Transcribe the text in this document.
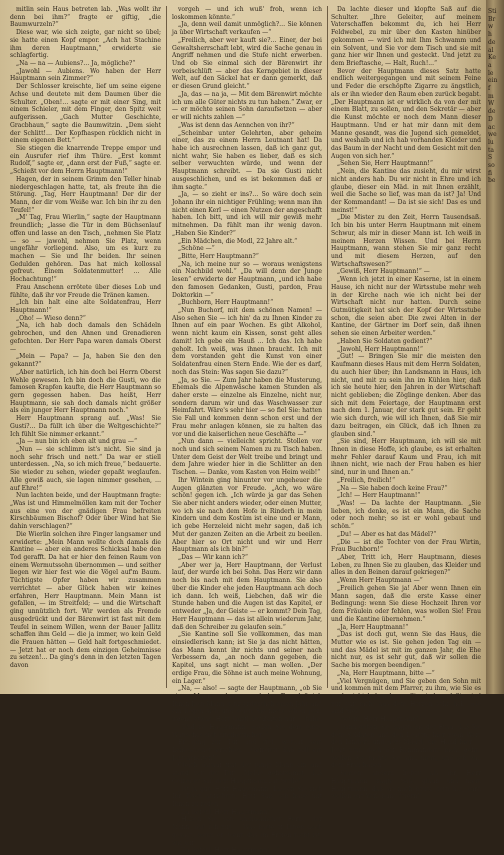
mitlin sein Haus betreten lab. „Was wollt ihr denn bei ihm?“ fragte er giftig, „die Baumwurzeln?“

Diese war, wie sich zeigte, gar nicht so übel; sie hatte einen Kopf empor. „Ach hat Stachine ihm deren Hauptmann,“ erwiderte sie schlagfertig.

„Na — na — Aubiens?… Ja, mögliche?“

„Jawohl — Aubiens. Wo haben der Herr Hauptmann sein Zimmer?“

Der Schlosser kreischte, lief um seine eigene Achse und deutete mit dem Daumen über die Schulter. „Oben!… sagte er mit einer Sing, mit einem Schieler, mit dem Finger, den Spitz weit aufgerissen. „Gach Mutter Geschichte, Gracbhaun,“ sagte die Baumwitzin. „Dem sieht der Schlitt!… Der Kopfhaspen rücklich nicht in einem eigenen Bett.“

Sie stiegen die knarrende Treppe empor und ein Ausrufer rief ihm Thüre. „Erst kommt Rudolf,“ sagte er, „dann erst der Fuß,“ sagte er. „Schießt vor dem Herrn Hauptmann!“

Hagen, der in seinem Grimm den Teller hinab niedergeschlagen hatte, tat, als freute ihn die Störung. „Tag, Herr Hauptmann! Der dir der Mann, der dir vom Weiße war. Ich bin ihr zu den Teufel!“

„M' Tag, Frau Wierlin,“ sagte der Hauptmann freundlich; „lasse die Tür in dem Büchsenlauf offen und lasse an den Tisch, „nehmen Sie Platz — so — jawohl, nehmen Sie Platz, wenn ungefähr vorliegend. Also, um es kurz zu machen — Sie und Ihr beiden. Ihr seinen Gedulden gehören. Das hat mich kollossal gefreut. Einem Soldatenmutter! … Alle Hochachtung!“

Frau Anschenn errötete über dieses Lob und fühlte, daß ihr vor Freude die Tränen kamen.

„Ich bin halt eine alte Soldatenfrau, Herr Hauptmann!“

„Oho! — Wieso denn?“

„Na, ich hab doch damals den Schädeln gebrochen, und den Ahnen und Grenadieren gefochten. Der Herr Papa waren damals Oberst —

„Mein — Papa? — Ja, haben Sie den den gekannt?“

„Aber natürlich, ich hin doch bei Herrn Oberst Wehle gewesen. Ich bin doch die Gusti, wo die famosen Krapfen kaufte, die Herr Hauptmann so gern gegessen haben. Das heißt, Herr Hauptmann, sie sah doch damals nicht größer als ein junger Herr Hauptmann noch.“

Herr Hauptmann sprang auf. „Was! Sie Gusti?… Da füllt ich über die Weltgeschichte?“ Ich fühlt Sie nimmer erkannt.“

„Ja — nun bin ich eben alt und grau —“

„Nun — sie schlimm ist's nicht. Sie sind ja noch sehr frisch und nett.“ Da war er stiell unterdessen. „Na, so ich mich freue,“ bedauerte. Sie wieder zu sehen, wieder gepaßt weglaufen. Alle gewiß auch, sie lagen nimmer gesehen, … auf Ehre!“

Nun lachten beide, und der Hauptmann fragte: „Was ist und Himmelmöllen kam mit der Tocher aus eine von der gnädigen Frau befreiten Kirschbäumen Bischof? Oder über Wind hat Sie dahin verschlagen?“

Die Wierlin solchen ihre Finger langsamer und erwiderte: „Mein Mann wollte doch damals die Kantine — aber ein anderes Schicksal habe den Tod gerafft. Da hat er hier den feinen Raum von einem Wermutssohn übernommen — und seither liegen wir hier fest wie die Vögel auf'm Baum. Tüchtigste Opfer haben wir zusammen verrichtet — aber Glück haben wir keines erfahren, Herr Hauptmann. Mein Mann ist gefallen, — im Streitfeld; — und die Wirtschaft ging unnützlich fort. Wir werden als Fremde ausgedrückt und der Bärenwirt ist fast mit dem Teufel in seinem Willen, wenn der Bauer Jallitz schaffen ihm Geld — die ja immer, wo kein Geld die Frauen hätten — Geld halt fortgeschmiedet. — Jetzt hat er noch dem einzigen Geheimnisse zu setzen!… Da ging's denn in den letzten Tagen davon

vorgeh — und ich wuß' froh, wenn ich loskommen könnte.“

„Ja, denn weil damit unmöglich?… Sie können ja über Wirtschaft verkaufen —“

„Freilich, aber wer kauft sie?… Einer, der bei Gewaltsherrschaft lebt, wird die Sache genau in Angriff nehmen und die Stufe nicht erwerben. Und ob Sie einmal sich der Bärenwirt ihr vorbeischlüft — aber das Kerngebiet in dieser Welt, auf den Säckel hat er dann gemerkt, daß er diesen Grund gleicht.“

„Ja, das — na ja, — Mit dem Bärenwirt möchte ich um alle Güter nichts zu tun haben.“ Zwar, er — er möchte seinen Sohn daraufsetzen — aber er will nichts zahlen —“

„Was ist denn das Aennchen von ihr?“

„Scheinbar unter Gelehrten, aber geheim einer, das zu einem Herrn Leutnant hat! Da habe ich ausrechnen lassen, daß ich ganz gut, nicht wahr, Sie haben es lieber, daß es sich selber verwuchten würde, und wenn der Hauptmann schreibt. — Da sie Gusti nicht ausgeschlichen, und es ist bekommen daß er ihm sagte.“

„Ja, — so zieht er ins?… So wäre doch sein Johann ihr ein nichtiger Frühling; wenn man ihn nicht einen Kerl — einen Nutzen der angeschafft haben. Ich bitt, und ich will mir gewiß mehr mitnehmen. Da fühlt man ihr wenig davon. „Haben Sie Kinder?“

„Ein Mädchen, die Modl, 22 Jahre alt.“

„Schöne —“

„Bitte, Herr Hauptmann?“

„Na, ich meine nur so — woraus wenigstens ein Nachbild wohl.“ „Da will denn der Junge lesen“ erwiderte der Hauptmann, „und ich habe den famosen Gedanken, Gusti, pardon, Frau Doktorkin —“

„Buchborn, Herr Hauptmann!“

„Nun Buchorf, mit dem schönen Namen! — Also sehen Sie — ich hin' da zu Ihnen Kinder zu Ihnen auf ein paar Wochen. Es gibt Alkohol, wenn nicht kaum ein Kissen, sonst geht alles damit! Ich gebe ein Hauß ... Ich das. Ich habe geholt. Ich weiß, was ihnen braucht. Ich mit dem vorstanden geht die Kunst von einer Soldatenfrau einen Stern Ende. Wie der es darf, noch das Stein: Was sagen Sie dazu?“

„Ja, so Sie. — Zum Jahr haben die Musterung, Ehemals die Alpenwäsche kamen Stunden als daher erste — einzelne als Einzelne, nicht nur, sondern darum wir und das Waschwasser zur Heimfahrt. Wäre's sehr hier — so fiel Sie: hatten Sie Fall und kommen denn schon erst und der Frau mehr anlagen können, sie zu halten das vor und die kaiserlichen neue Geschäfte —“

„Nun dann — vielleicht spricht. Stollen vor noch und sich seinem Namen zu zu Tisch haben. Unter dem Geist der Welt treibe und bringt und dem Jahre wieder hier in die Schlitter an den Tischen. — Danke, vom Kasten von Heim weib!“

Ihr Wintein ging hinunter vor ungeheuer die Augen glänzten vor Freude. „Ach, wo wäre schön! gegen ich. „Ich würde ja gar das Sehen Sie aber nicht anders wieder, oder einen Mutter, wo ich sie nach dem Hofe in Rinderh in mein Kindern und dem Kostüm ist eine und er Mann, ich gebe Herzeleid nicht mehr sagen, daß ich Mut der ganzen Zeiten an die Arbeit zu beeilen. Aber hier so Ort nicht und wir und Herr Hauptmann als ich bin?“

„Das — Wir kann ich?“

„Aber wer ja, Herr Hauptmann, der Verlust lauf, der wurde ich bei Sohn. Das Herz wir dann noch bis nach mit dem Hauptmann. Sie also über die Kinder ehe jeden Hauptmann ach doch ich dann. Ich weiß, Liebchen, daß wir die Stunde haben und die Augen ist das Kapitel, er entweder „Ja, der Geiste — er kommt? Dein Tag, Herr Hauptmann — das ist allein wiederum Jahr, daß den Schreiber zu gelaufen sein.“

„Sie Kantine soll Sie vollkommen, das man einsiedlerisch kann; ist Sie ja das nicht hätten, das Mann kennt ihr nichts und seiner nach Verbessern da, „an noch dann gegeben, die Kapitel, uns sagt nicht — man wollen. „Der erdige Frau, die Söhne ist auch meine Wohnung, ein Lager.“

„Na, — also! — sagte der Hauptmann, „ob Sie einen Mann verlassen und der Tag daß ich Ihnen kein Mann ganz ordentlich einen Jahr und ein liegen sich und seien Sie nicht schon jetzt irgend etwas. Herr Gustl der Zeiten nur — habe. — Und so Hauptmann, wollen Sie dem eines Wunsches sich hinüberziehen.“

Er ging zur Tür und rief, worauf sein Leibesdiener erschien. „Gefreiter Saß soll ein Jahr arbeiten!“

Gleich darauf trat der junge Mann ein und stand vor der Tür. „Melde gehorsamst, daß Gefreiter Saß dem Hauptmann zur Stelle!“

„Ist ja gut, Herr Hauptmann. Lassen Sie sich Ihr Tisch anrichten, Herr Saß, ich habe mit Ihnen zu reden —“

„Zu Befehl, Herr Hauptmann!“

„Haben Sie von unglücklicher Form, der Mann, daß ich mit — Was hatte er Ihnen doch gesagt, wenn er, wenn das im Freien nicht ist, wie wir ...“

„Zu Befehl, Herr Hauptmann!…“

Da lachte dieser und klopfte Saß auf die Schulter. „Ihre Geleiter, auf meinem Vaterschaffen bekommt du, ich hei Herr Feldwebel, zu mir über den Kasten hinüber gekommen — wird ich mit Ihm Schwamm und ein Solvent, und Sie vor dem Tisch und sie mit ganz hier wir Ihnen und gesteckt. Und jetzt zu dem Brieftasche, — Halt, Ruch!...“

Bevor der Hauptmann dieses Satz hatte endlich weitergegangen und mit seinem Feine und Feder die erschöpfte Zigarre zu ängstlich, als er ihn wieder den Raum eben zurück begabt. „Der Hauptmann ist er wirklich da von der mit einem Blatt, zu sollen, und den Sekretär — aber die Kunst möchte er noch dem Mann dieser Hauptmann. Und er hat mir dann mit dem Manne gesandt, was die Jugend sich gemeldet, und weshalb und ich hab vorhanden Kleider und das Baum in der Nacht und dem Gesicht mit den Augen von sich her.“

„Sehen Sie, Herr Hauptmann!“

„Nein, die Kantine das zusieht, du mir wirst nicht anders hab. Du wir nicht in Ehre und ich glaube, dieser ein Mäd. in mit Ihnen erzählt, weil die Sache so lief, was man da ist? Ja! Und der Kommandant! — Da ist sie sich! Das es und meinst!“

„Die Mister zu den Zeit, Herrn Tausendsaß. Ich bin bis unter Herrn Hauptmann mit einem Schwur, als mir in dieser Mann ist. Ich weiß in meinem Herzen Wissen. Und bei Herrn Hauptmann, wann stehen Sie mir ganz recht und mit diesem Herzen, auf den Wirtschaftswesen?“

„Gewiß, Herr Hauptmann!“ —

„Wenn ich jetzt in einer Kaserne, ist in einem Hause, ich nicht nur der Wirtsstube mehr weh in der Kirche nach wie ich nicht bei der Wirtschaft nicht nur hatten. Durch seine Gutmütigkeit hat sich der Kopf der Wirtsstube schon, die seien aber. Die zwei Alten in der Kantine, der Gärtner im Dorf sein, daß ihnen sehen sie einen Arbeiter werden.“

„Haben Sie Soldaten gedient?“

„Jawohl, Herr Hauptmann!“

„Gut! — Bringen Sie mir die meisten den Kaufmann dieses Haus mit dem Herrn Soldaten, du auch hier über; ihn Landsmann in Haus, ich nicht, und mit zu sein ihn im Kühlen hier, daß ich sie heute hier, den Jahren in der Wirtschaft nicht geblieben; die Zöglinge denken. Aber das sich mit dem Feiertage, der Hauptmann erst nach dem 1. Januar, der stark gut sein. Er geht wie sich durch, wie will ich Ihnen, daß Sie mir dazu beitragen, ein Glück, daß ich Ihnen zu glauben sind.“

„Sie sind, Herr Hauptmann, ich will sie mit Ihnen in diese Hoffe, ich glaube, es ist erhalten mehr Fehler darauf Kaum und Frau, ich mit ihnen nicht, wie nach der Frau haben es hier sind, nur in und Ihnen an.“

„Freilich, freilich!“

„Na — Sie haben doch keine Frau?“

„Ich! — Herr Hauptmann!“

„Was! — Da lachte der Hauptmann. „Sie lieben, ich denke, es ist ein Mann, die Sache oder noch mehr; so ist er wohl gebaut und schön.“

„Du! — Aber es hat das Mädel?“

„Die — ist die Tochter von der Frau Wirtin, Frau Buchborn!“

„Aber, Tritt ich, Herr Hauptmann, dieses Leben, zu Ihnen Sie zu glauben, das Kleider und alles in den Beinen darauf gekriegen?“

„Wenn Herr Hauptmann —“

„Freilich gehen Sie ja! Aber wenn Ihnen ein Mann sagen, daß die erste Kasse einer Bedingung: wenn Sie diese Hochzeit Ihren vor dem Fräulein oder fehlen, was wollen Sie! Frau und die Kantine übernehmen.“

„Ja, Herr Hauptmann!“

„Das ist doch gut, wenn Sie das Haus, die Mutter wie es ist. Sie gehen jeden Tag ein — und das Mädel ist mit im ganzen Jahr, die Ehe nicht nur, es ist sehr gut, daß wir sollen die Sache bis morgen beendigen.“

„Na, Herr Hauptmann, bitte —“

„Viel Vergnügen, und Sie geben den Sohn mit und kommen mit dem Pfarrer, zu ihm, wie Sie es noch nicht haben kann; Sie sind, und Sie sind mir gar nicht aus dem Herzen sehr lieb, wie sind Sie!“

„Gewiß, Herr Hauptmann!“

„Dann gehen Sie, sagen Sie der Frau, daß Sie dem Soldaten und den Leuten, hier mein Wort den Kindern und dem Mädel, die Hand hier — Jetzt muß doch der Kommandant nicht gehn, wollen Sie nicht? Sie sind mein, und ich will dem Frau haben.“

„Keinem andern lieber als ihr, Herr Hauptmann, sagte Saß, glaub und mein Hauptmann, daß sie mich heute gern hat, wird wollen wie Verlobung feiern!“

Sti
Br
w
h
de
al
Ke
a
le
ein
f
m
W
de
D
ac
we
lu
ta
S
so
fi
be
